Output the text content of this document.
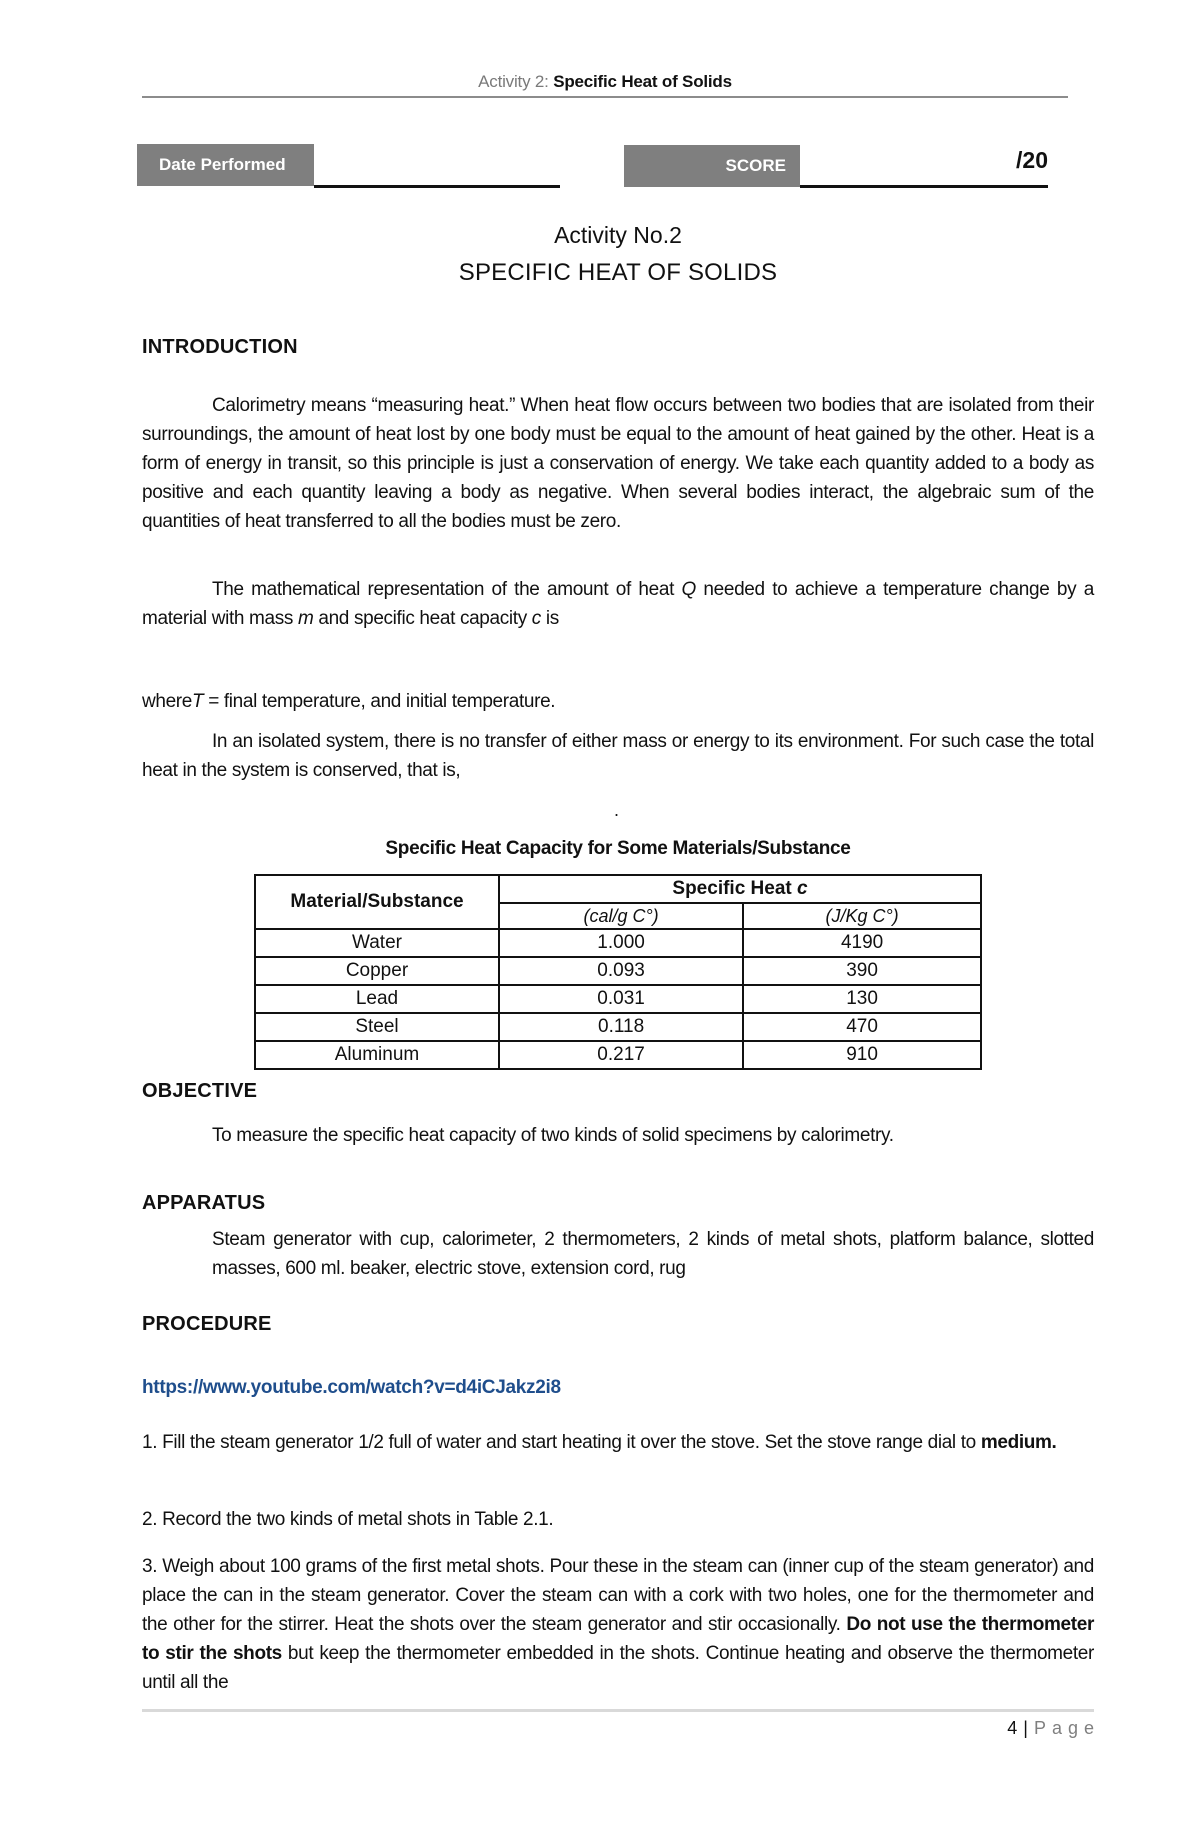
Activity 2: Specific Heat of Solids
Date Performed	SCORE	/20
Activity No.2
SPECIFIC HEAT OF SOLIDS
INTRODUCTION
Calorimetry means “measuring heat.” When heat flow occurs between two bodies that are isolated from their surroundings, the amount of heat lost by one body must be equal to the amount of heat gained by the other. Heat is a form of energy in transit, so this principle is just a conservation of energy. We take each quantity added to a body as positive and each quantity leaving a body as negative. When several bodies interact, the algebraic sum of the quantities of heat transferred to all the bodies must be zero.
The mathematical representation of the amount of heat Q needed to achieve a temperature change by a material with mass m and specific heat capacity c is
whereT = final temperature, and initial temperature.
In an isolated system, there is no transfer of either mass or energy to its environment. For such case the total heat in the system is conserved, that is,
.
Specific Heat Capacity for Some Materials/Substance
Material/Substance	Specific Heat c	
	(cal/g C°)	(J/Kg C°)
Water	1.000	4190
Copper	0.093	390
Lead	0.031	130
Steel	0.118	470
Aluminum	0.217	910
OBJECTIVE
To measure the specific heat capacity of two kinds of solid specimens by calorimetry.
APPARATUS
Steam generator with cup, calorimeter, 2 thermometers, 2 kinds of metal shots, platform balance, slotted masses, 600 ml. beaker, electric stove, extension cord, rug
PROCEDURE
https://www.youtube.com/watch?v=d4iCJakz2i8
1. Fill the steam generator 1/2 full of water and start heating it over the stove. Set the stove range dial to medium.
2. Record the two kinds of metal shots in Table 2.1.
3. Weigh about 100 grams of the first metal shots. Pour these in the steam can (inner cup of the steam generator) and place the can in the steam generator. Cover the steam can with a cork with two holes, one for the thermometer and the other for the stirrer. Heat the shots over the steam generator and stir occasionally. Do not use the thermometer to stir the shots but keep the thermometer embedded in the shots. Continue heating and observe the thermometer until all the
4 | Page
